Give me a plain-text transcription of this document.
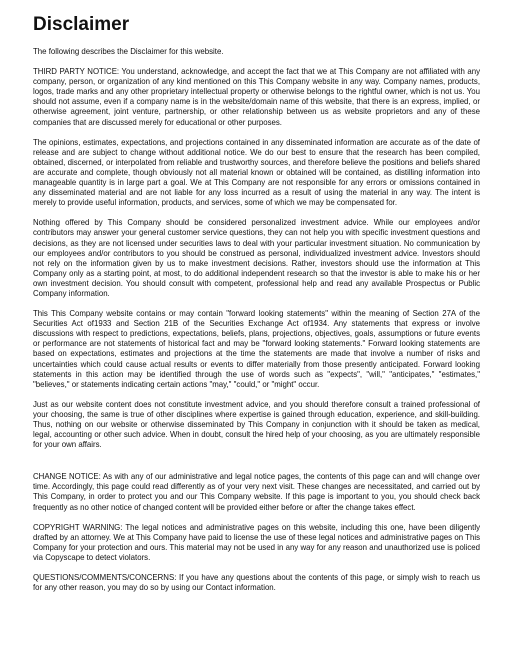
Disclaimer

The following describes the Disclaimer for this website.

THIRD PARTY NOTICE: You understand, acknowledge, and accept the fact that we at This Company are not affiliated with any company, person, or organization of any kind mentioned on this This Company website in any way. Company names, products, logos, trade marks and any other proprietary intellectual property or otherwise belongs to the rightful owner, which is not us. You should not assume, even if a company name is in the website/domain name of this website, that there is an express, implied, or otherwise agreement, joint venture, partnership, or other relationship between us as website proprietors and any of these companies that are discussed merely for educational or other purposes.

The opinions, estimates, expectations, and projections contained in any disseminated information are accurate as of the date of release and are subject to change without additional notice. We do our best to ensure that the research has been compiled, obtained, discerned, or interpolated from reliable and trustworthy sources, and therefore believe the positions and beliefs shared are accurate and complete, though obviously not all material known or obtained will be contained, as distilling information into manageable quantity is in large part a goal. We at This Company are not responsible for any errors or omissions contained in any disseminated material and are not liable for any loss incurred as a result of using the material in any way. The intent is merely to provide useful information, products, and services, some of which we may be compensated for.

Nothing offered by This Company should be considered personalized investment advice. While our employees and/or contributors may answer your general customer service questions, they can not help you with specific investment questions and decisions, as they are not licensed under securities laws to deal with your particular investment situation. No communication by our employees and/or contributors to you should be construed as personal, individualized investment advice. Investors should not rely on the information given by us to make investment decisions. Rather, investors should use the information at This Company only as a starting point, at most, to do additional independent research so that the investor is able to make his or her own investment decision. You should consult with competent, professional help and read any available Prospectus or Public Company information.

This This Company website contains or may contain "forward looking statements" within the meaning of Section 27A of the Securities Act of1933 and Section 21B of the Securities Exchange Act of1934. Any statements that express or involve discussions with respect to predictions, expectations, beliefs, plans, projections, objectives, goals, assumptions or future events or performance are not statements of historical fact and may be "forward looking statements." Forward looking statements are based on expectations, estimates and projections at the time the statements are made that involve a number of risks and uncertainties which could cause actual results or events to differ materially from those presently anticipated. Forward looking statements in this action may be identified through the use of words such as "expects", "will," "anticipates," "estimates," "believes," or statements indicating certain actions "may," "could," or "might" occur.

Just as our website content does not constitute investment advice, and you should therefore consult a trained professional of your choosing, the same is true of other disciplines where expertise is gained through education, experience, and skill-building. Thus, nothing on our website or otherwise disseminated by This Company in conjunction with it should be taken as medical, legal, accounting or other such advice. When in doubt, consult the hired help of your choosing, as you are ultimately responsible for your own affairs.

CHANGE NOTICE: As with any of our administrative and legal notice pages, the contents of this page can and will change over time. Accordingly, this page could read differently as of your very next visit. These changes are necessitated, and carried out by This Company, in order to protect you and our This Company website. If this page is important to you, you should check back frequently as no other notice of changed content will be provided either before or after the change takes effect.

COPYRIGHT WARNING: The legal notices and administrative pages on this website, including this one, have been diligently drafted by an attorney. We at This Company have paid to license the use of these legal notices and administrative pages on This Company for your protection and ours. This material may not be used in any way for any reason and unauthorized use is policed via Copyscape to detect violators.

QUESTIONS/COMMENTS/CONCERNS: If you have any questions about the contents of this page, or simply wish to reach us for any other reason, you may do so by using our Contact information.
